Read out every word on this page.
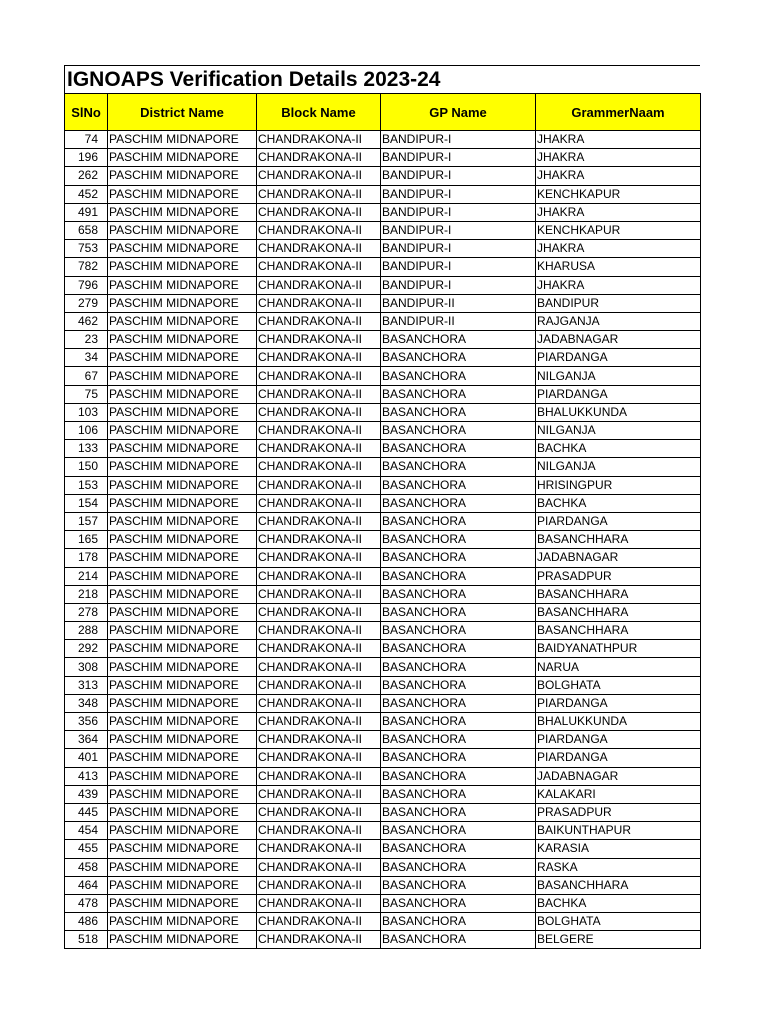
IGNOAPS Verification Details 2023-24
SlNo	District Name	Block Name	GP Name	GrammerNaam
74	PASCHIM MIDNAPORE	CHANDRAKONA-II	BANDIPUR-I	JHAKRA
196	PASCHIM MIDNAPORE	CHANDRAKONA-II	BANDIPUR-I	JHAKRA
262	PASCHIM MIDNAPORE	CHANDRAKONA-II	BANDIPUR-I	JHAKRA
452	PASCHIM MIDNAPORE	CHANDRAKONA-II	BANDIPUR-I	KENCHKAPUR
491	PASCHIM MIDNAPORE	CHANDRAKONA-II	BANDIPUR-I	JHAKRA
658	PASCHIM MIDNAPORE	CHANDRAKONA-II	BANDIPUR-I	KENCHKAPUR
753	PASCHIM MIDNAPORE	CHANDRAKONA-II	BANDIPUR-I	JHAKRA
782	PASCHIM MIDNAPORE	CHANDRAKONA-II	BANDIPUR-I	KHARUSA
796	PASCHIM MIDNAPORE	CHANDRAKONA-II	BANDIPUR-I	JHAKRA
279	PASCHIM MIDNAPORE	CHANDRAKONA-II	BANDIPUR-II	BANDIPUR
462	PASCHIM MIDNAPORE	CHANDRAKONA-II	BANDIPUR-II	RAJGANJA
23	PASCHIM MIDNAPORE	CHANDRAKONA-II	BASANCHORA	JADABNAGAR
34	PASCHIM MIDNAPORE	CHANDRAKONA-II	BASANCHORA	PIARDANGA
67	PASCHIM MIDNAPORE	CHANDRAKONA-II	BASANCHORA	NILGANJA
75	PASCHIM MIDNAPORE	CHANDRAKONA-II	BASANCHORA	PIARDANGA
103	PASCHIM MIDNAPORE	CHANDRAKONA-II	BASANCHORA	BHALUKKUNDA
106	PASCHIM MIDNAPORE	CHANDRAKONA-II	BASANCHORA	NILGANJA
133	PASCHIM MIDNAPORE	CHANDRAKONA-II	BASANCHORA	BACHKA
150	PASCHIM MIDNAPORE	CHANDRAKONA-II	BASANCHORA	NILGANJA
153	PASCHIM MIDNAPORE	CHANDRAKONA-II	BASANCHORA	HRISINGPUR
154	PASCHIM MIDNAPORE	CHANDRAKONA-II	BASANCHORA	BACHKA
157	PASCHIM MIDNAPORE	CHANDRAKONA-II	BASANCHORA	PIARDANGA
165	PASCHIM MIDNAPORE	CHANDRAKONA-II	BASANCHORA	BASANCHHARA
178	PASCHIM MIDNAPORE	CHANDRAKONA-II	BASANCHORA	JADABNAGAR
214	PASCHIM MIDNAPORE	CHANDRAKONA-II	BASANCHORA	PRASADPUR
218	PASCHIM MIDNAPORE	CHANDRAKONA-II	BASANCHORA	BASANCHHARA
278	PASCHIM MIDNAPORE	CHANDRAKONA-II	BASANCHORA	BASANCHHARA
288	PASCHIM MIDNAPORE	CHANDRAKONA-II	BASANCHORA	BASANCHHARA
292	PASCHIM MIDNAPORE	CHANDRAKONA-II	BASANCHORA	BAIDYANATHPUR
308	PASCHIM MIDNAPORE	CHANDRAKONA-II	BASANCHORA	NARUA
313	PASCHIM MIDNAPORE	CHANDRAKONA-II	BASANCHORA	BOLGHATA
348	PASCHIM MIDNAPORE	CHANDRAKONA-II	BASANCHORA	PIARDANGA
356	PASCHIM MIDNAPORE	CHANDRAKONA-II	BASANCHORA	BHALUKKUNDA
364	PASCHIM MIDNAPORE	CHANDRAKONA-II	BASANCHORA	PIARDANGA
401	PASCHIM MIDNAPORE	CHANDRAKONA-II	BASANCHORA	PIARDANGA
413	PASCHIM MIDNAPORE	CHANDRAKONA-II	BASANCHORA	JADABNAGAR
439	PASCHIM MIDNAPORE	CHANDRAKONA-II	BASANCHORA	KALAKARI
445	PASCHIM MIDNAPORE	CHANDRAKONA-II	BASANCHORA	PRASADPUR
454	PASCHIM MIDNAPORE	CHANDRAKONA-II	BASANCHORA	BAIKUNTHAPUR
455	PASCHIM MIDNAPORE	CHANDRAKONA-II	BASANCHORA	KARASIA
458	PASCHIM MIDNAPORE	CHANDRAKONA-II	BASANCHORA	RASKA
464	PASCHIM MIDNAPORE	CHANDRAKONA-II	BASANCHORA	BASANCHHARA
478	PASCHIM MIDNAPORE	CHANDRAKONA-II	BASANCHORA	BACHKA
486	PASCHIM MIDNAPORE	CHANDRAKONA-II	BASANCHORA	BOLGHATA
518	PASCHIM MIDNAPORE	CHANDRAKONA-II	BASANCHORA	BELGERE
